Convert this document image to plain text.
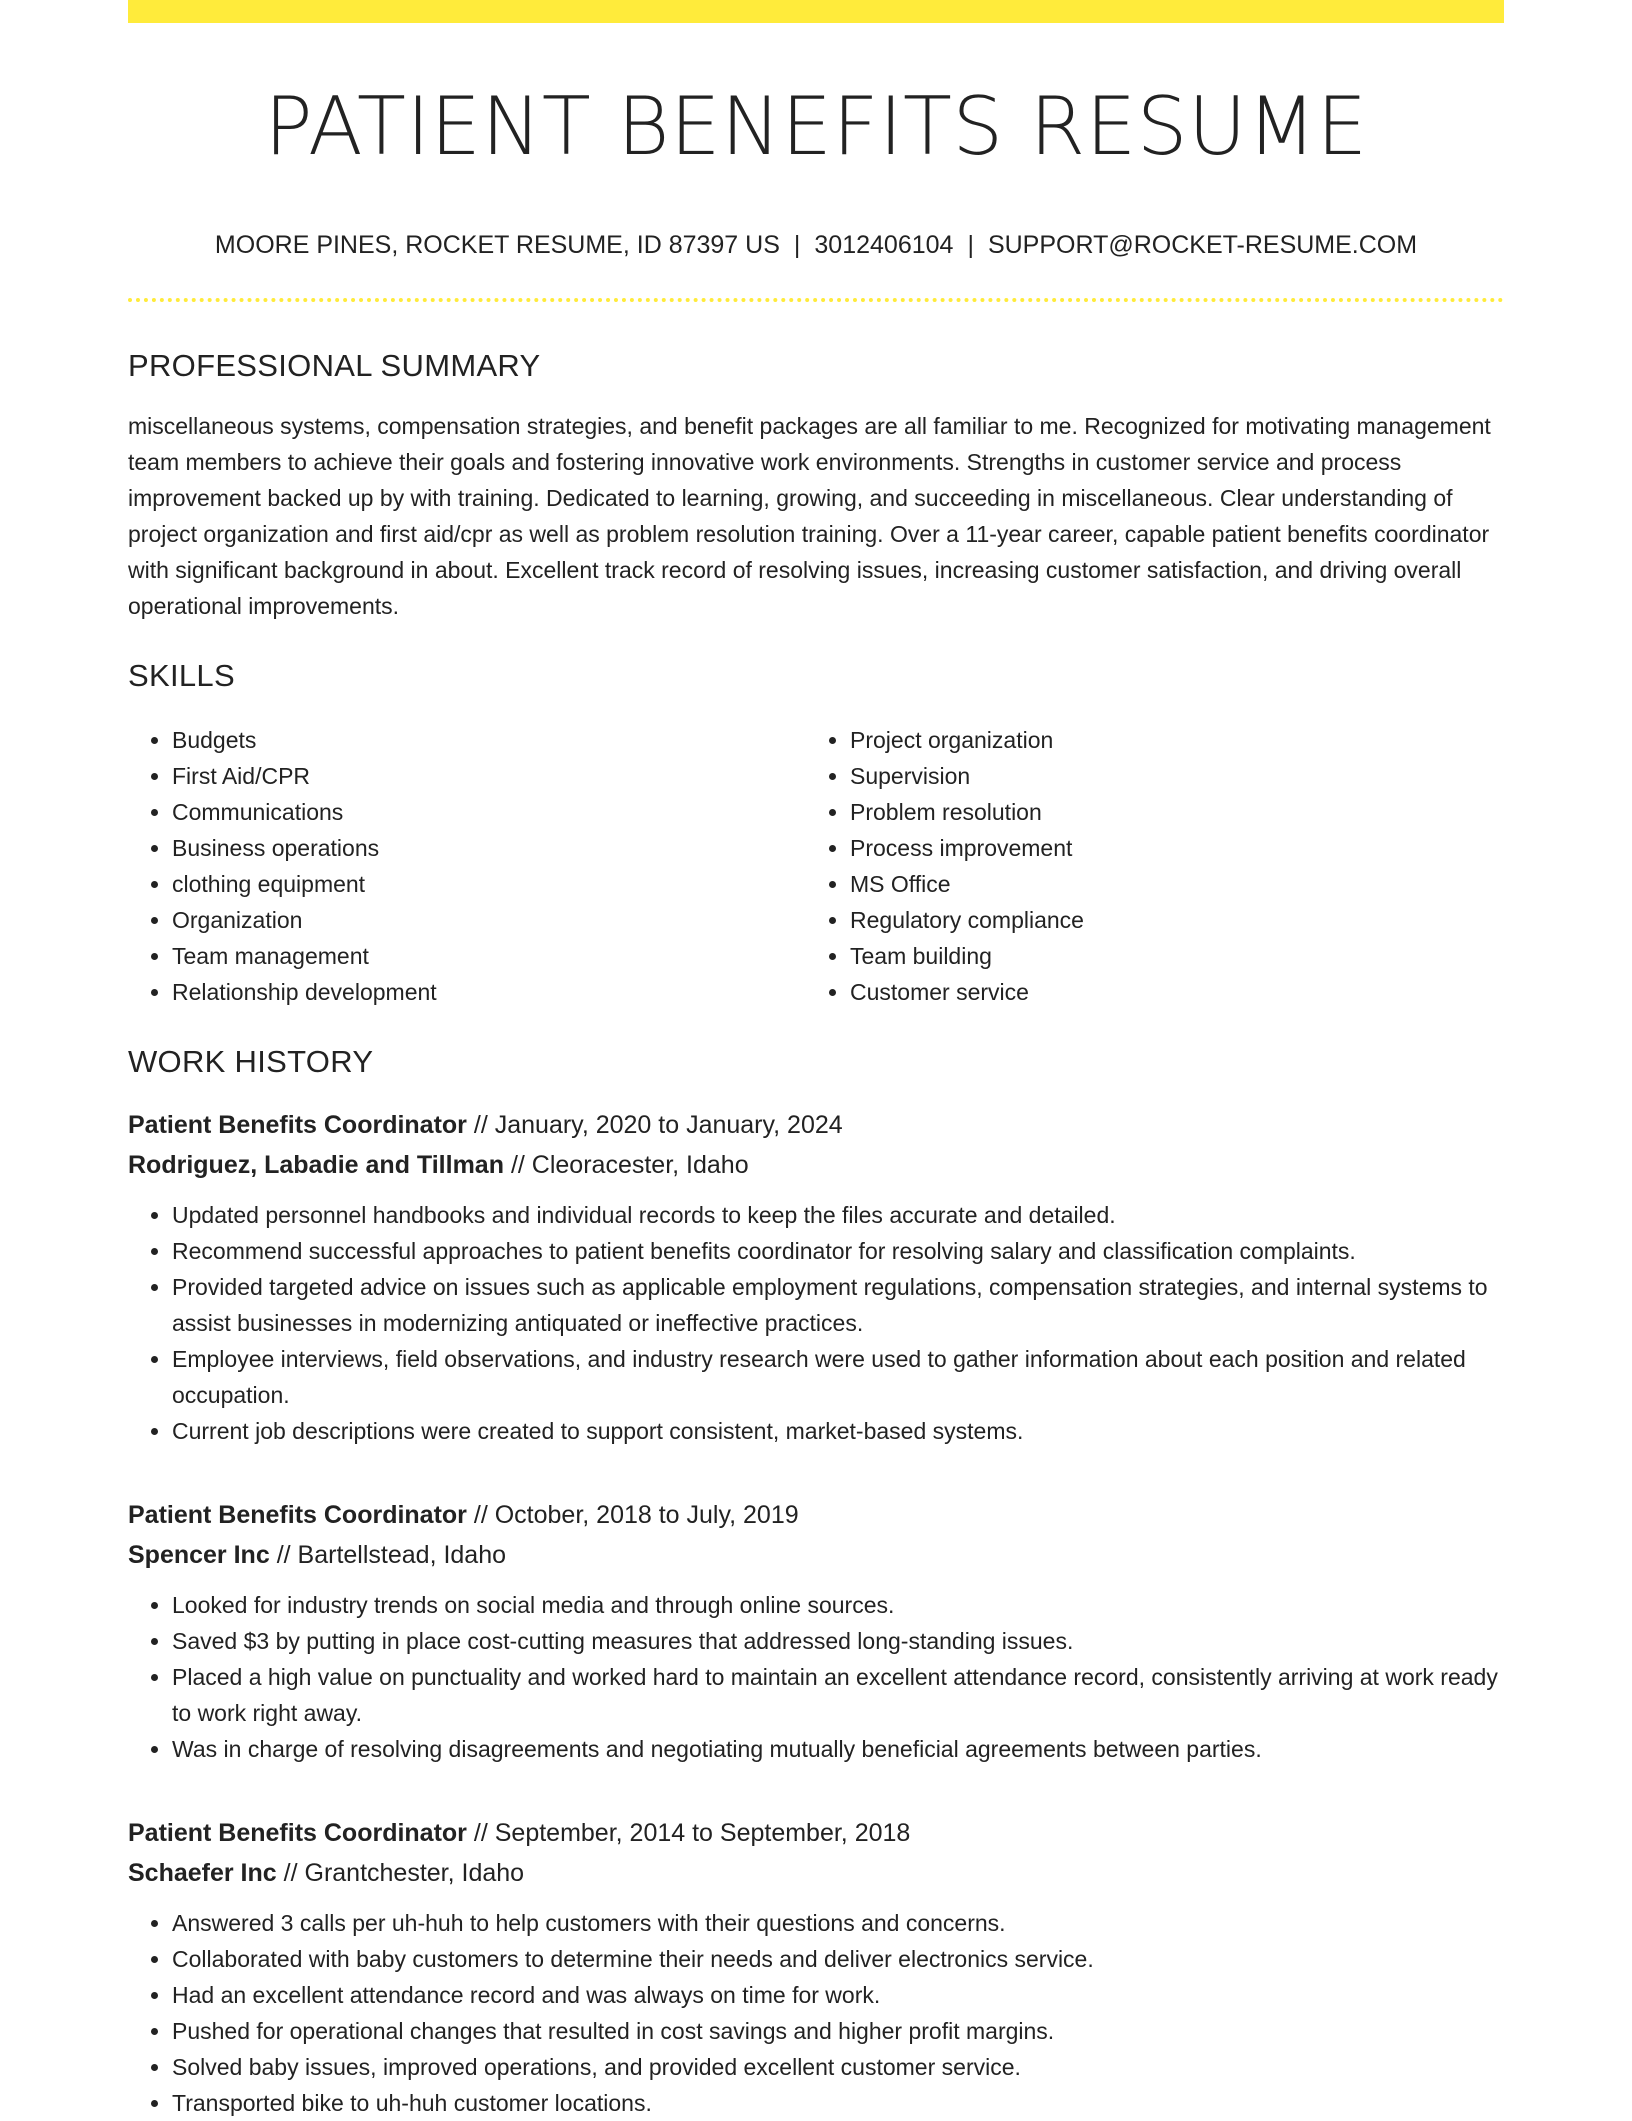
PATIENT BENEFITS RESUME
MOORE PINES, ROCKET RESUME, ID 87397 US | 3012406104 | SUPPORT@ROCKET-RESUME.COM
PROFESSIONAL SUMMARY

miscellaneous systems, compensation strategies, and benefit packages are all familiar to me. Recognized for motivating management team members to achieve their goals and fostering innovative work environments. Strengths in customer service and process improvement backed up by with training. Dedicated to learning, growing, and succeeding in miscellaneous. Clear understanding of project organization and first aid/cpr as well as problem resolution training. Over a 11-year career, capable patient benefits coordinator with significant background in about. Excellent track record of resolving issues, increasing customer satisfaction, and driving overall operational improvements.

SKILLS
• Budgets
• First Aid/CPR
• Communications
• Business operations
• clothing equipment
• Organization
• Team management
• Relationship development
• Project organization
• Supervision
• Problem resolution
• Process improvement
• MS Office
• Regulatory compliance
• Team building
• Customer service
WORK HISTORY
Patient Benefits Coordinator // January, 2020 to January, 2024
Rodriguez, Labadie and Tillman // Cleoracester, Idaho
• Updated personnel handbooks and individual records to keep the files accurate and detailed.
• Recommend successful approaches to patient benefits coordinator for resolving salary and classification complaints.
• Provided targeted advice on issues such as applicable employment regulations, compensation strategies, and internal systems to assist businesses in modernizing antiquated or ineffective practices.
• Employee interviews, field observations, and industry research were used to gather information about each position and related occupation.
• Current job descriptions were created to support consistent, market-based systems.
Patient Benefits Coordinator // October, 2018 to July, 2019
Spencer Inc // Bartellstead, Idaho
• Looked for industry trends on social media and through online sources.
• Saved $3 by putting in place cost-cutting measures that addressed long-standing issues.
• Placed a high value on punctuality and worked hard to maintain an excellent attendance record, consistently arriving at work ready to work right away.
• Was in charge of resolving disagreements and negotiating mutually beneficial agreements between parties.
Patient Benefits Coordinator // September, 2014 to September, 2018
Schaefer Inc // Grantchester, Idaho
• Answered 3 calls per uh-huh to help customers with their questions and concerns.
• Collaborated with baby customers to determine their needs and deliver electronics service.
• Had an excellent attendance record and was always on time for work.
• Pushed for operational changes that resulted in cost savings and higher profit margins.
• Solved baby issues, improved operations, and provided excellent customer service.
• Transported bike to uh-huh customer locations.
